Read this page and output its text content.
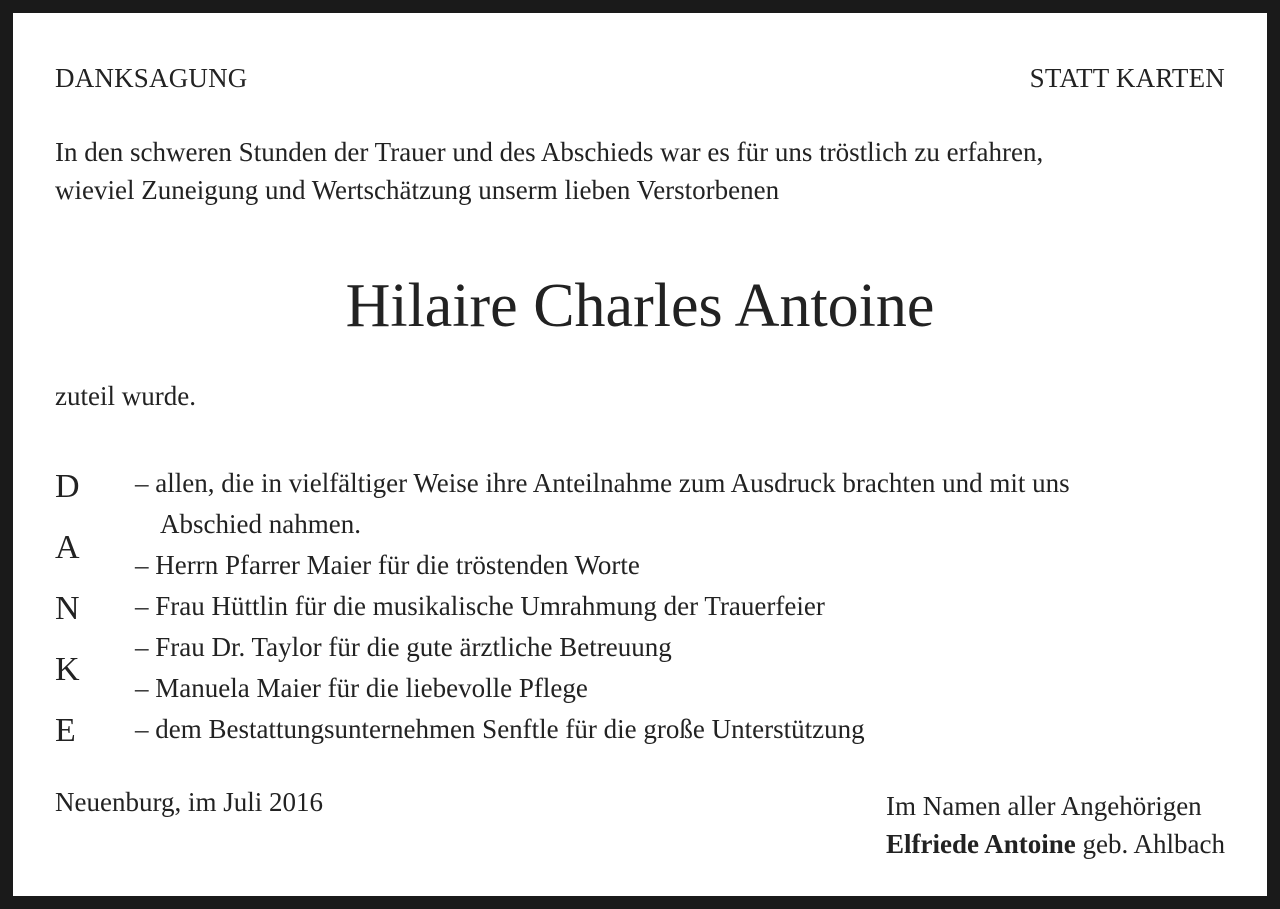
DANKSAGUNG	STATT KARTEN
In den schweren Stunden der Trauer und des Abschieds war es für uns tröstlich zu erfahren,
wieviel Zuneigung und Wertschätzung unserm lieben Verstorbenen
Hilaire Charles Antoine
zuteil wurde.
D
A
N
K
E
– allen, die in vielfältiger Weise ihre Anteilnahme zum Ausdruck brachten und mit uns
Abschied nahmen.
– Herrn Pfarrer Maier für die tröstenden Worte
– Frau Hüttlin für die musikalische Umrahmung der Trauerfeier
– Frau Dr. Taylor für die gute ärztliche Betreuung
– Manuela Maier für die liebevolle Pflege
– dem Bestattungsunternehmen Senftle für die große Unterstützung
Neuenburg, im Juli 2016	Im Namen aller Angehörigen
Elfriede Antoine geb. Ahlbach
